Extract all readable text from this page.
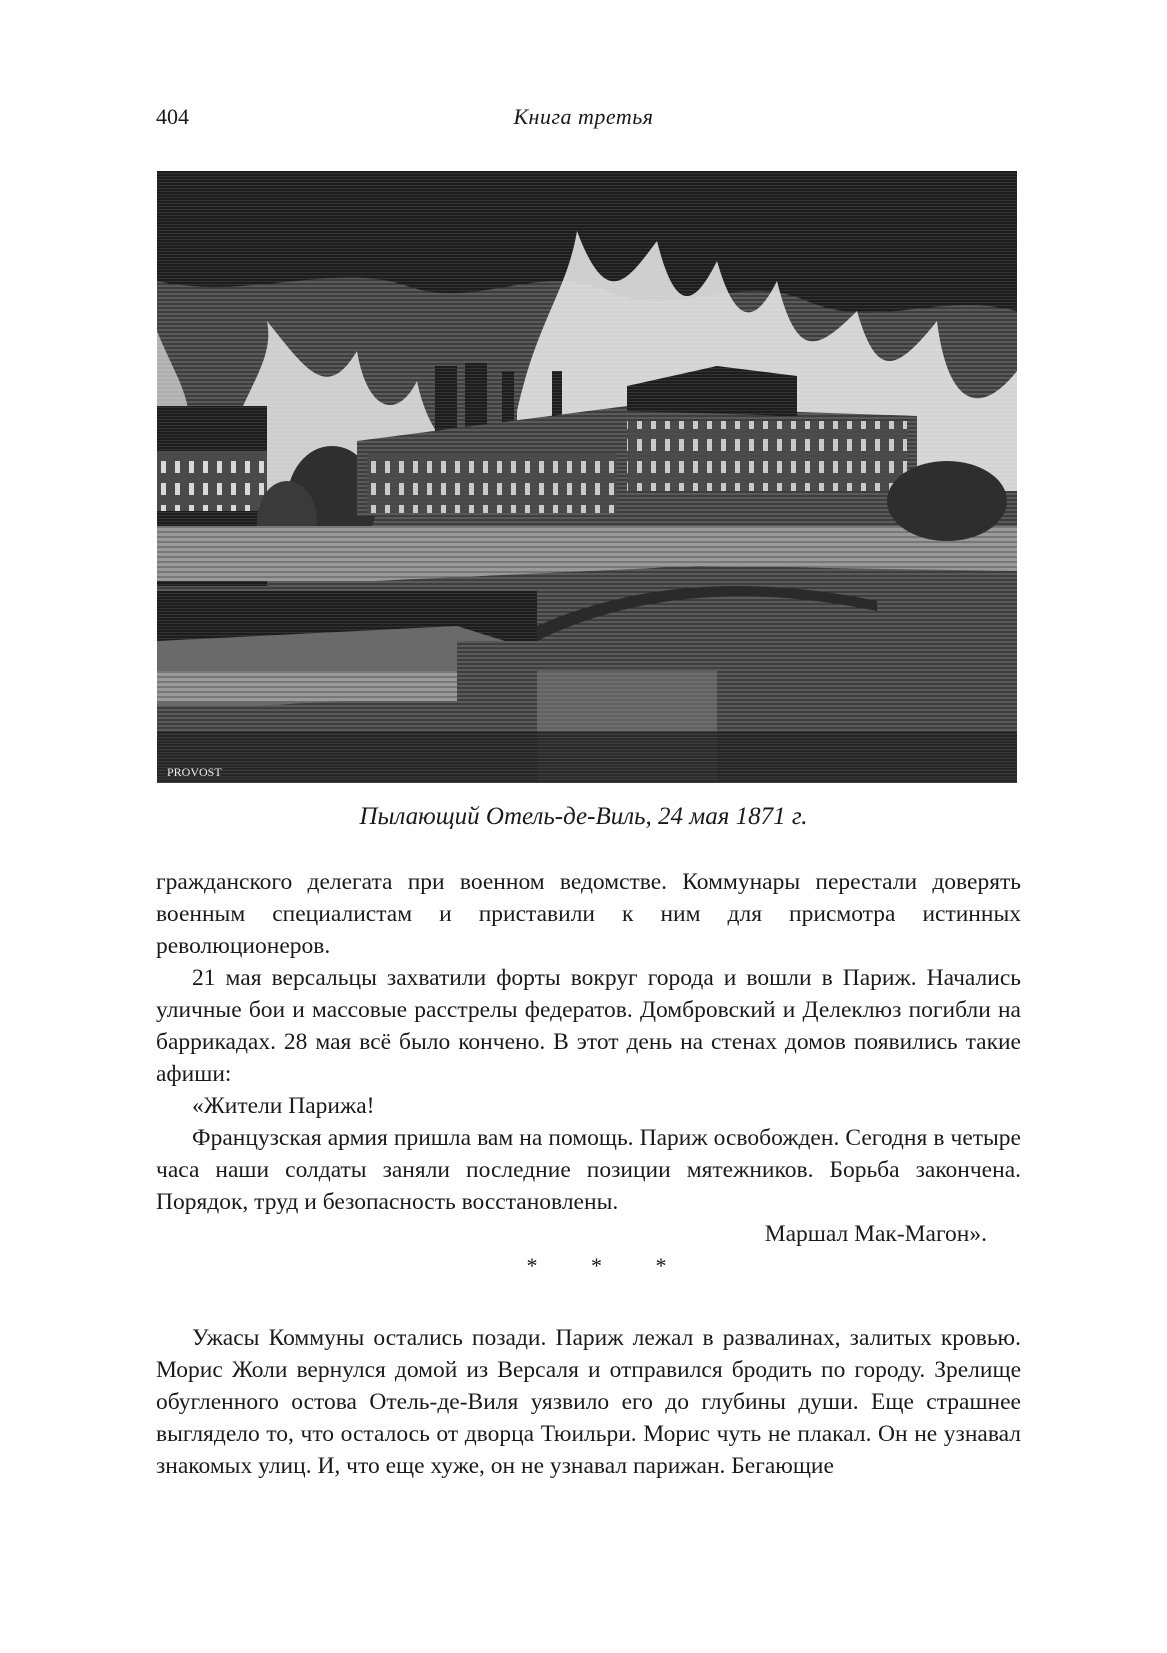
404	Книга третья
PROVOST
Пылающий Отель-де-Виль, 24 мая 1871 г.

гражданского делегата при военном ведомстве. Коммунары перестали доверять военным специалистам и приставили к ним для присмотра истинных революционеров.

21 мая версальцы захватили форты вокруг города и вошли в Париж. Начались уличные бои и массовые расстрелы федератов. Домбровский и Делеклюз погибли на баррикадах. 28 мая всё было кончено. В этот день на стенах домов появились такие афиши:

«Жители Парижа!

Французская армия пришла вам на помощь. Париж освобожден. Сегодня в четыре часа наши солдаты заняли последние позиции мятежников. Борьба закончена. Порядок, труд и безопасность восстановлены.

Маршал Мак-Магон».

* * *

Ужасы Коммуны остались позади. Париж лежал в развалинах, залитых кровью. Морис Жоли вернулся домой из Версаля и отправился бродить по городу. Зрелище обугленного остова Отель-де-Виля уязвило его до глубины души. Еще страшнее выглядело то, что осталось от дворца Тюильри. Морис чуть не плакал. Он не узнавал знакомых улиц. И, что еще хуже, он не узнавал парижан. Бегающие
